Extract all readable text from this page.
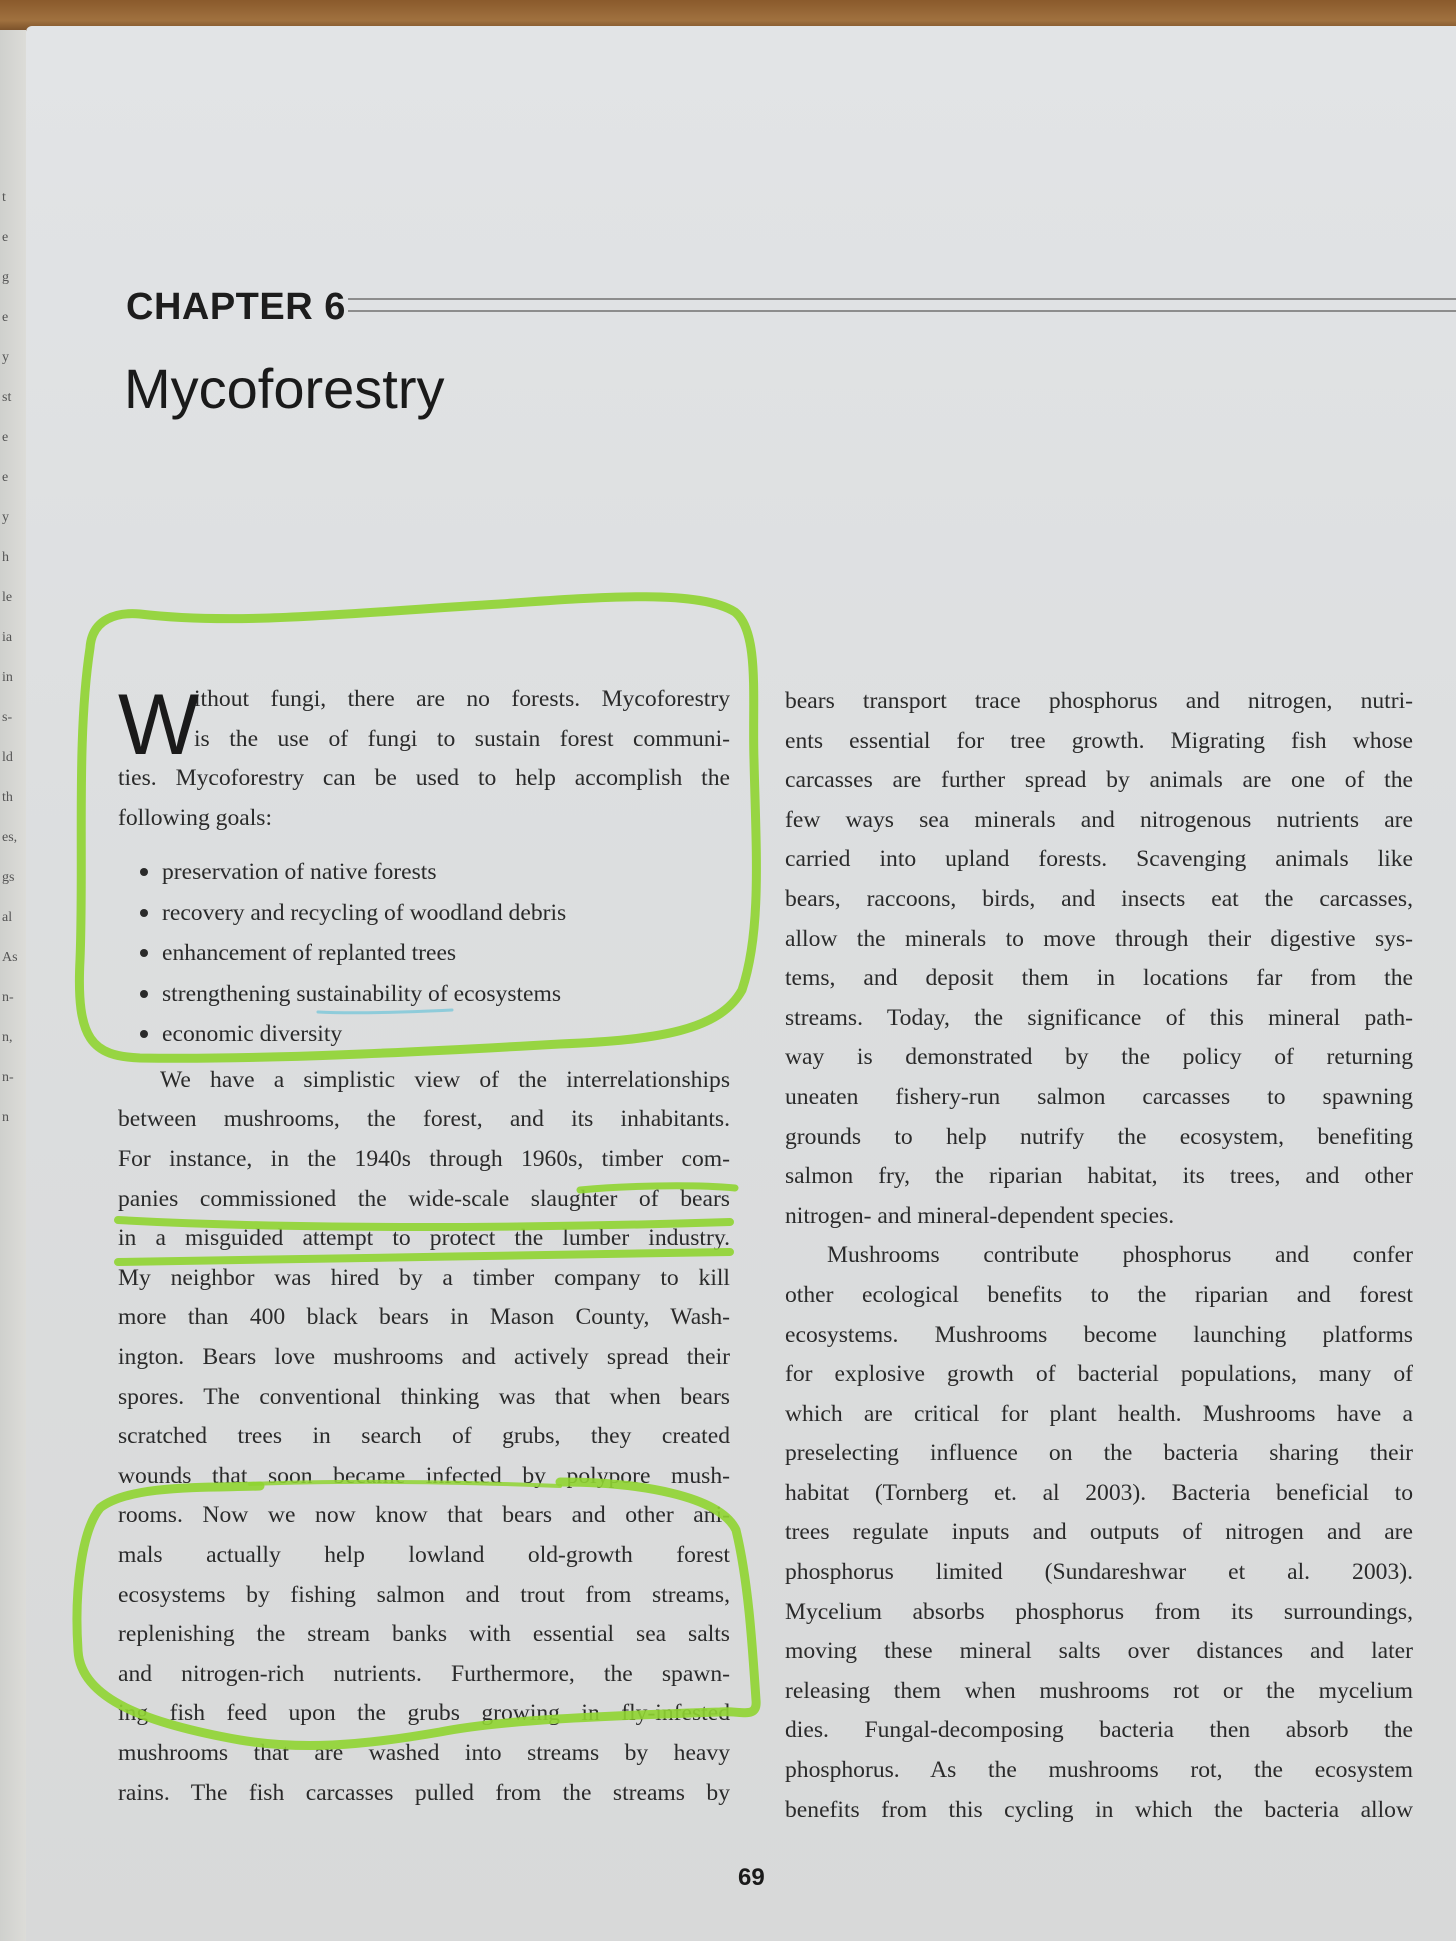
t
e
g
e
y
st
e
e
y
h
le
ia
in
s-
ld
th
es,
gs
al
As
n-
n,
n-
n
CHAPTER 6
Mycoforestry
W
ithout fungi, there are no forests. Mycoforestry
is the use of fungi to sustain forest communi-
ties. Mycoforestry can be used to help accomplish the
following goals:
preservation of native forests
recovery and recycling of woodland debris
enhancement of replanted trees
strengthening sustainability of ecosystems
economic diversity
We have a simplistic view of the interrelationships
between mushrooms, the forest, and its inhabitants.
For instance, in the 1940s through 1960s, timber com-
panies commissioned the wide-scale slaughter of bears
in a misguided attempt to protect the lumber industry.
My neighbor was hired by a timber company to kill
more than 400 black bears in Mason County, Wash-
ington. Bears love mushrooms and actively spread their
spores. The conventional thinking was that when bears
scratched trees in search of grubs, they created
wounds that soon became infected by polypore mush-
rooms. Now we now know that bears and other ani-
mals actually help lowland old-growth forest
ecosystems by fishing salmon and trout from streams,
replenishing the stream banks with essential sea salts
and nitrogen-rich nutrients. Furthermore, the spawn-
ing fish feed upon the grubs growing in fly-infested
mushrooms that are washed into streams by heavy
rains. The fish carcasses pulled from the streams by
bears transport trace phosphorus and nitrogen, nutri-
ents essential for tree growth. Migrating fish whose
carcasses are further spread by animals are one of the
few ways sea minerals and nitrogenous nutrients are
carried into upland forests. Scavenging animals like
bears, raccoons, birds, and insects eat the carcasses,
allow the minerals to move through their digestive sys-
tems, and deposit them in locations far from the
streams. Today, the significance of this mineral path-
way is demonstrated by the policy of returning
uneaten fishery-run salmon carcasses to spawning
grounds to help nutrify the ecosystem, benefiting
salmon fry, the riparian habitat, its trees, and other
nitrogen- and mineral-dependent species.
Mushrooms contribute phosphorus and confer
other ecological benefits to the riparian and forest
ecosystems. Mushrooms become launching platforms
for explosive growth of bacterial populations, many of
which are critical for plant health. Mushrooms have a
preselecting influence on the bacteria sharing their
habitat (Tornberg et. al 2003). Bacteria beneficial to
trees regulate inputs and outputs of nitrogen and are
phosphorus limited (Sundareshwar et al. 2003).
Mycelium absorbs phosphorus from its surroundings,
moving these mineral salts over distances and later
releasing them when mushrooms rot or the mycelium
dies. Fungal-decomposing bacteria then absorb the
phosphorus. As the mushrooms rot, the ecosystem
benefits from this cycling in which the bacteria allow
69
